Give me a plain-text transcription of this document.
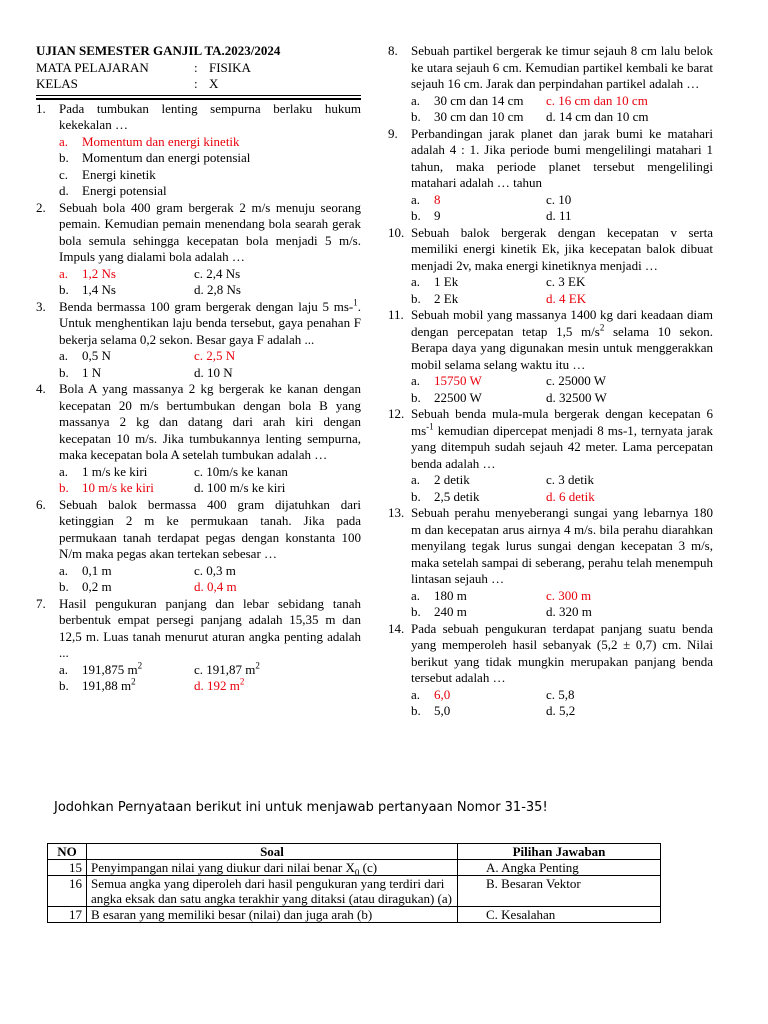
UJIAN SEMESTER GANJIL TA.2023/2024
MATA PELAJARAN	: FISIKA
KELAS	: X
1.	Pada tumbukan lenting sempurna berlaku hukum kekekalan …
a.	Momentum dan energi kinetik
b.	Momentum dan energi potensial
c.	Energi kinetik
d.	Energi potensial
2.	Sebuah bola 400 gram bergerak 2 m/s menuju seorang pemain. Kemudian pemain menendang bola searah gerak bola semula sehingga kecepatan bola menjadi 5 m/s. Impuls yang dialami bola adalah …
a.	1,2 Ns	c. 2,4 Ns
b.	1,4 Ns	d. 2,8 Ns
3.	Benda bermassa 100 gram bergerak dengan laju 5 ms-$^1$. Untuk menghentikan laju benda tersebut, gaya penahan F bekerja selama 0,2 sekon. Besar gaya F adalah ...
a.	0,5 N	c. 2,5 N
b.	1 N	d. 10 N
4.	Bola A yang massanya 2 kg bergerak ke kanan dengan kecepatan 20 m/s bertumbukan dengan bola B yang massanya 2 kg dan datang dari arah kiri dengan kecepatan 10 m/s. Jika tumbukannya lenting sempurna, maka kecepatan bola A setelah tumbukan adalah …
a.	1 m/s ke kiri	c. 10m/s ke kanan
b.	10 m/s ke kiri	d. 100 m/s ke kiri
6.	Sebuah balok bermassa 400 gram dijatuhkan dari ketinggian 2 m ke permukaan tanah. Jika pada permukaan tanah terdapat pegas dengan konstanta 100 N/m maka pegas akan tertekan sebesar …
a.	0,1 m	c. 0,3 m
b.	0,2 m	d. 0,4 m
7.	Hasil pengukuran panjang dan lebar sebidang tanah berbentuk empat persegi panjang adalah 15,35 m dan 12,5 m. Luas tanah menurut aturan angka penting adalah ...
a.	191,875 $m^2$	c. 191,87 $m^2$
b.	191,88 $m^2$	d. 192 $m^2$
8.	Sebuah partikel bergerak ke timur sejauh 8 cm lalu belok ke utara sejauh 6 cm. Kemudian partikel kembali ke barat sejauh 16 cm. Jarak dan perpindahan partikel adalah …
a.	30 cm dan 14 cm c. 16 cm dan 10 cm
b.	30 cm dan 10 cm d. 14 cm dan 10 cm
9.	Perbandingan jarak planet dan jarak bumi ke matahari adalah 4 : 1. Jika periode bumi mengelilingi matahari 1 tahun, maka periode planet tersebut mengelilingi matahari adalah … tahun
a.	8	c. 10
b.	9	d. 11
10. Sebuah balok bergerak dengan kecepatan v serta memiliki energi kinetik Ek, jika kecepatan balok dibuat menjadi 2v, maka energi kinetiknya menjadi …
a.	1 Ek	c. 3 EK
b.	2 Ek	d. 4 EK
11. Sebuah mobil yang massanya 1400 kg dari keadaan diam dengan percepatan tetap 1,5 $m/s^2$ selama 10 sekon. Berapa daya yang digunakan mesin untuk menggerakkan mobil selama selang waktu itu …
a.	15750 W	c. 25000 W
b.	22500 W	d. 32500 W
12. Sebuah benda mula-mula bergerak dengan kecepatan 6 $ms^{-1}$ kemudian dipercepat menjadi 8 ms-1, ternyata jarak yang ditempuh sudah sejauh 42 meter. Lama percepatan benda adalah …
a.	2 detik	c. 3 detik
b.	2,5 detik	d. 6 detik
13. Sebuah perahu menyeberangi sungai yang lebarnya 180 m dan kecepatan arus airnya 4 m/s. bila perahu diarahkan menyilang tegak lurus sungai dengan kecepatan 3 m/s, maka setelah sampai di seberang, perahu telah menempuh lintasan sejauh …
a.	180 m	c. 300 m
b.	240 m	d. 320 m
14. Pada sebuah pengukuran terdapat panjang suatu benda yang memperoleh hasil sebanyak (5,2 ± 0,7) cm. Nilai berikut yang tidak mungkin merupakan panjang benda tersebut adalah …
a.	6,0	c. 5,8
b.	5,0	d. 5,2
Jodohkan Pernyataan berikut ini untuk menjawab pertanyaan Nomor 31-35!
NO	Soal	Pilihan Jawaban
15	Penyimpangan nilai yang diukur dari nilai benar $X_0$ (c)	A. Angka Penting
16	Semua angka yang diperoleh dari hasil pengukuran yang terdiri dari angka eksak dan satu angka terakhir yang ditaksi (atau diragukan) (a)	B. Besaran Vektor
17	B esaran yang memiliki besar (nilai) dan juga arah (b)	C. Kesalahan
